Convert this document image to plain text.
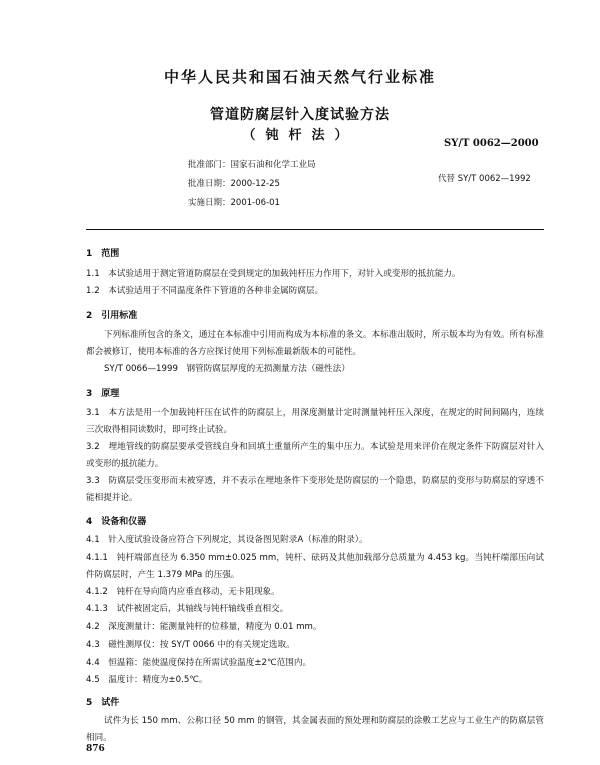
中华人民共和国石油天然气行业标准
管道防腐层针入度试验方法
（钝杆法）
SY/T 0062—2000
批准部门：国家石油和化学工业局
批准日期：2000-12-25
实施日期：2001-06-01
代替 SY/T 0062—1992
1　范围
1.1　本试验适用于测定管道防腐层在受到规定的加载钝杆压力作用下，对针入或变形的抵抗能力。
1.2　本试验适用于不同温度条件下管道的各种非金属防腐层。
2　引用标准
下列标准所包含的条文，通过在本标准中引用而构成为本标准的条文。本标准出版时，所示版本均为有效。所有标准都会被修订，使用本标准的各方应探讨使用下列标准最新版本的可能性。
SY/T 0066—1999　钢管防腐层厚度的无损测量方法（磁性法）
3　原理
3.1　本方法是用一个加载钝杆压在试件的防腐层上，用深度测量计定时测量钝杆压入深度，在规定的时间间隔内，连续三次取得相同读数时，即可终止试验。
3.2　埋地管线的防腐层要承受管线自身和回填土重量所产生的集中压力。本试验是用来评价在规定条件下防腐层对针入或变形的抵抗能力。
3.3　防腐层受压变形而未被穿透，并不表示在埋地条件下变形处是防腐层的一个隐患，防腐层的变形与防腐层的穿透不能相提并论。
4　设备和仪器
4.1　针入度试验设备应符合下列规定，其设备图见附录A（标准的附录）。
4.1.1　钝杆端部直径为 6.350 mm±0.025 mm，钝杆、砝码及其他加载部分总质量为 4.453 kg。当钝杆端部压向试件防腐层时，产生 1.379 MPa 的压强。
4.1.2　钝杆在导向筒内应垂直移动，无卡阻现象。
4.1.3　试件被固定后，其轴线与钝杆轴线垂直相交。
4.2　深度测量计：能测量钝杆的位移量，精度为 0.01 mm。
4.3　磁性测厚仪：按 SY/T 0066 中的有关规定选取。
4.4　恒温箱：能使温度保持在所需试验温度±2℃范围内。
4.5　温度计：精度为±0.5℃。
5　试件
试件为长 150 mm、公称口径 50 mm 的钢管，其金属表面的预处理和防腐层的涂敷工艺应与工业生产的防腐层管相同。
876
